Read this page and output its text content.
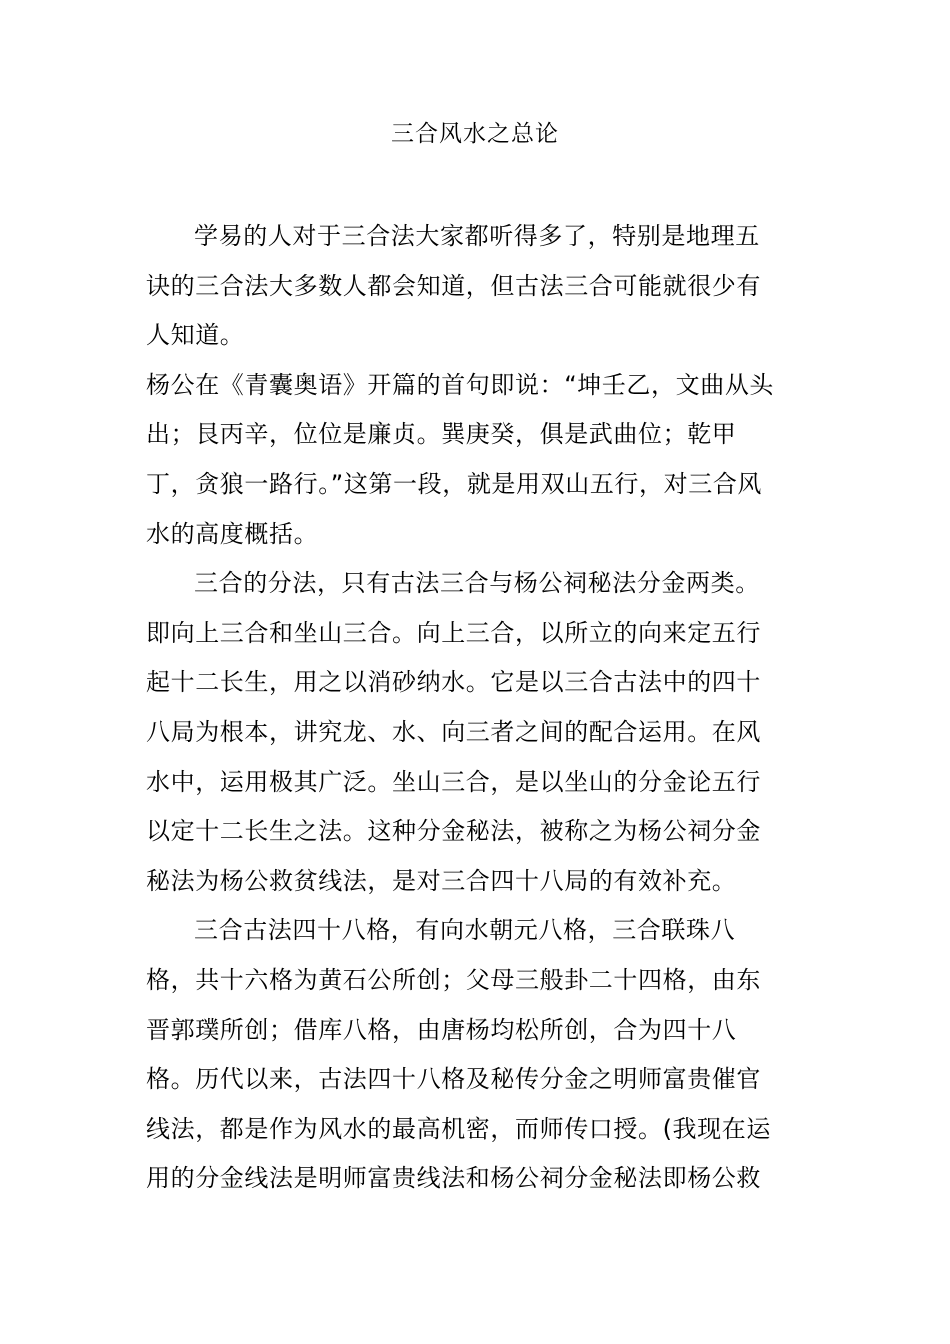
三合风水之总论
学易的人对于三合法大家都听得多了，特别是地理五
诀的三合法大多数人都会知道，但古法三合可能就很少有
人知道。
杨公在《青囊奥语》开篇的首句即说：“坤壬乙，文曲从头
出；艮丙辛，位位是廉贞。巽庚癸，俱是武曲位；乾甲
丁，贪狼一路行。”这第一段，就是用双山五行，对三合风
水的高度概括。
三合的分法，只有古法三合与杨公祠秘法分金两类。
即向上三合和坐山三合。向上三合，以所立的向来定五行
起十二长生，用之以消砂纳水。它是以三合古法中的四十
八局为根本，讲究龙、水、向三者之间的配合运用。在风
水中，运用极其广泛。坐山三合，是以坐山的分金论五行
以定十二长生之法。这种分金秘法，被称之为杨公祠分金
秘法为杨公救贫线法，是对三合四十八局的有效补充。
三合古法四十八格，有向水朝元八格，三合联珠八
格，共十六格为黄石公所创；父母三般卦二十四格，由东
晋郭璞所创；借库八格，由唐杨均松所创，合为四十八
格。历代以来，古法四十八格及秘传分金之明师富贵催官
线法，都是作为风水的最高机密，而师传口授。(我现在运
用的分金线法是明师富贵线法和杨公祠分金秘法即杨公救
